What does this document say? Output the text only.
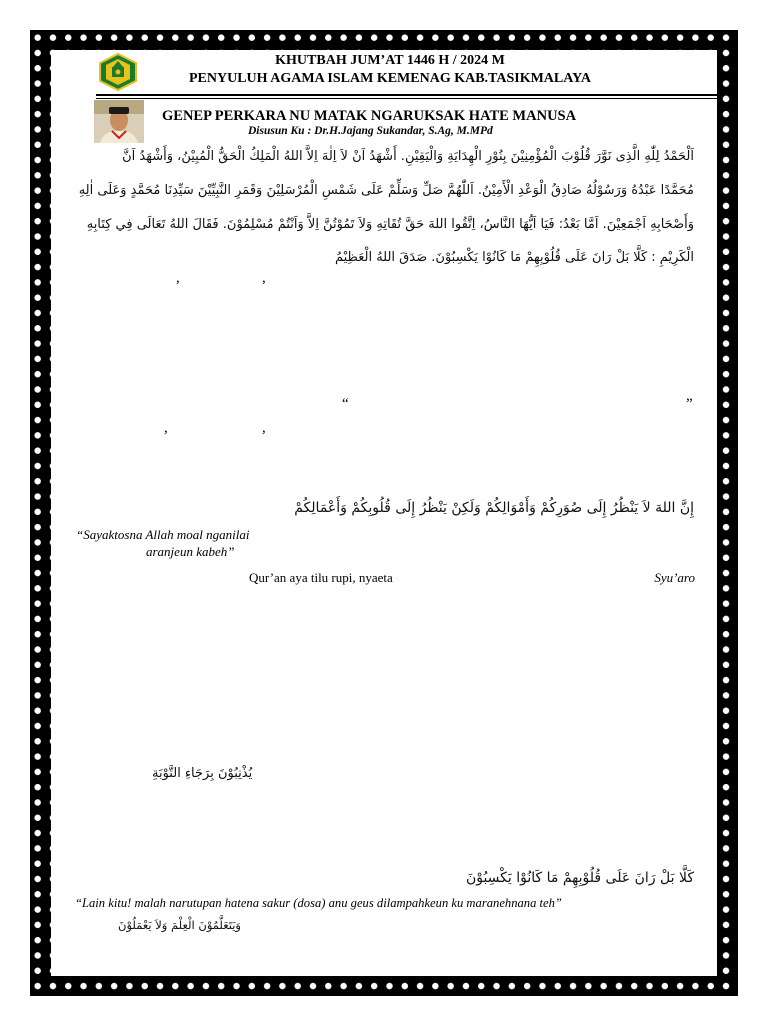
KHUTBAH JUM’AT 1446 H / 2024 M
PENYULUH AGAMA ISLAM KEMENAG KAB.TASIKMALAYA
GENEP PERKARA NU MATAK NGARUKSAK HATE MANUSA
Disusun Ku : Dr.H.Jajang Sukandar, S.Ag, M.MPd
اَلْحَمْدُ لِلّٰهِ الَّذِى نَوَّرَ قُلُوْبَ الْمُؤْمِنِيْنَ بِنُوْرِ الْهِدَايَةِ وَالْيَقِيْنِ. أَشْهَدُ اَنْ لاَ اِلٰهَ اِلاَّ اللهُ الْمَلِكُ الْحَقُّ الْمُبِيْنُ، وَأَشْهَدُ اَنَّ
مُحَمَّدًا عَبْدُهُ وَرَسُوْلُهُ صَادِقُ الْوَعْدِ الْأَمِيْنُ. اَللّٰهُمَّ صَلِّ وَسَلِّمْ عَلَى شَمْسِ الْمُرْسَلِيْنَ وَقَمَرِ النَّبِيِّيْنَ سَيِّدِنَا مُحَمَّدٍ وَعَلَى اٰلِهِ
وَأَصْحَابِهِ اَجْمَعِيْنَ. اَمَّا بَعْدُ: فَيَا اَيُّهَا النَّاسُ، اِتَّقُوا اللهَ حَقَّ تُقَاتِهِ وَلاَ تَمُوْتُنَّ اِلاَّ وَاَنْتُمْ مُسْلِمُوْنَ. فَقَالَ اللهُ تَعَالَى فِي كِتَابِهِ
الْكَرِيْمِ : كَلَّا بَلْ رَانَ عَلَى قُلُوْبِهِمْ مَا كَانُوْا يَكْسِبُوْنَ. صَدَقَ اللهُ الْعَظِيْمُ
,	,
“	”
,	,
إِنَّ اللهَ لاَ يَنْظُرُ إِلَى صُوَرِكُمْ وَأَمْوَالِكُمْ وَلَكِنْ يَنْظُرُ إِلَى قُلُوبِكُمْ وَأَعْمَالِكُمْ
“Sayaktosna Allah moal nganilai
aranjeun kabeh”
Qur’an aya tilu rupi, nyaeta	Syu’aro
يُذْنِبُوْنَ بِرَجَاءِ التَّوْبَةِ
كَلَّا بَلْ رَانَ عَلَى قُلُوْبِهِمْ مَا كَانُوْا يَكْسِبُوْنَ
“Lain kitu! malah narutupan hatena sakur (dosa) anu geus dilampahkeun ku maranehnana teh”
وَيَتَعَلَّمُوْنَ الْعِلْمَ وَلاَ يَعْمَلُوْنَ
